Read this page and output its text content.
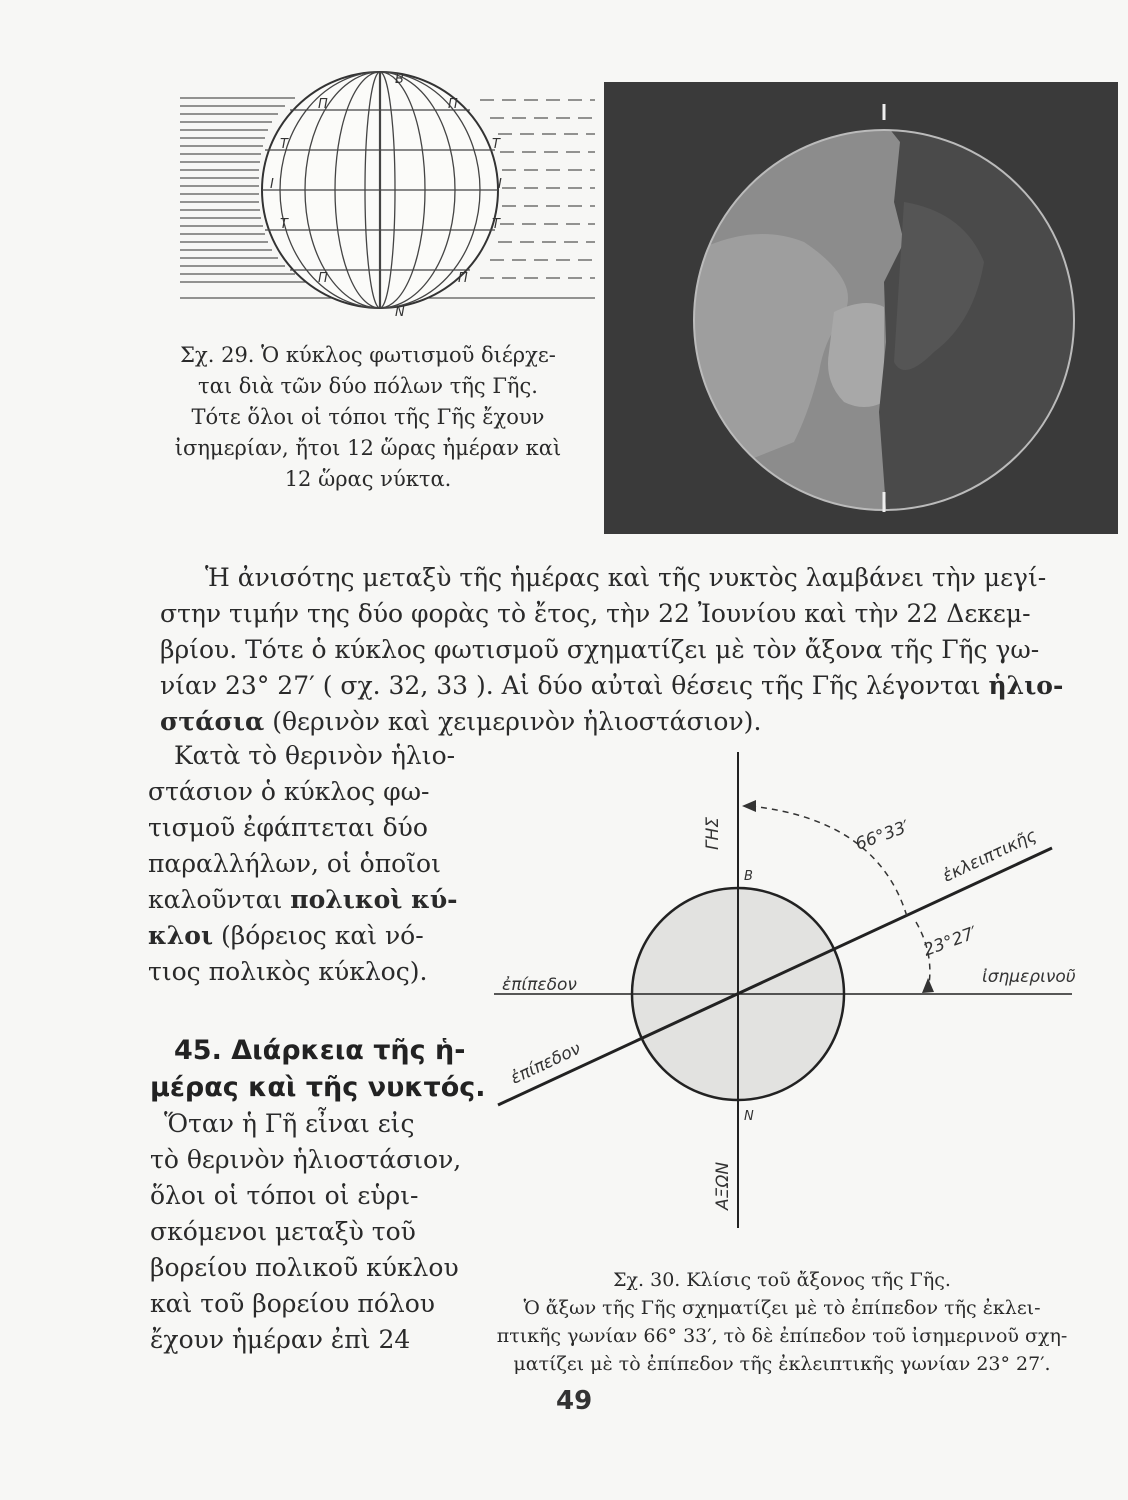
B
N
П	П
T	T
I	I
T	T
П	П
Σχ. 29. Ὁ κύκλος φωτισμοῦ διέρχε-
ται διὰ τῶν δύο πόλων τῆς Γῆς.
Τότε ὅλοι οἱ τόποι τῆς Γῆς ἔχουν
ἰσημερίαν, ἤτοι 12 ὥρας ἡμέραν καὶ
12 ὥρας νύκτα.
Ἡ ἀνισότης μεταξὺ τῆς ἡμέρας καὶ τῆς νυκτὸς λαμβάνει τὴν μεγί-
στην τιμήν της δύο φορὰς τὸ ἔτος, τὴν 22 Ἰουνίου καὶ τὴν 22 Δεκεμ-
βρίου. Τότε ὁ κύκλος φωτισμοῦ σχηματίζει μὲ τὸν ἄξονα τῆς Γῆς γω-
νίαν 23° 27′ ( σχ. 32, 33 ). Αἱ δύο αὐταὶ θέσεις τῆς Γῆς λέγονται ἡλιο-
στάσια (θερινὸν καὶ χειμερινὸν ἡλιοστάσιον).
Κατὰ τὸ θερινὸν ἡλιο-
στάσιον ὁ κύκλος φω-
τισμοῦ ἐφάπτεται δύο
παραλλήλων, οἱ ὁποῖοι
καλοῦνται πολικοὶ κύ-
κλοι (βόρειος καὶ νό-
τιος πολικὸς κύκλος).
45. Διάρκεια τῆς ἡ-
μέρας καὶ τῆς νυκτός.
Ὅταν ἡ Γῆ εἶναι εἰς
τὸ θερινὸν ἡλιοστάσιον,
ὅλοι οἱ τόποι οἱ εὑρι-
σκόμενοι μεταξὺ τοῦ
βορείου πολικοῦ κύκλου
καὶ τοῦ βορείου πόλου
ἔχουν ἡμέραν ἐπὶ 24
ΓΗΣ
ΑΞΩΝ
B
N
66°33′
23°27′
ἐκλειπτικῆς
ἰσημερινοῦ
ἐπίπεδον
ἐπίπεδον
Σχ. 30. Κλίσις τοῦ ἄξονος τῆς Γῆς.
Ὁ ἄξων τῆς Γῆς σχηματίζει μὲ τὸ ἐπίπεδον τῆς ἐκλει-
πτικῆς γωνίαν 66° 33′, τὸ δὲ ἐπίπεδον τοῦ ἰσημερινοῦ σχη-
ματίζει μὲ τὸ ἐπίπεδον τῆς ἐκλειπτικῆς γωνίαν 23° 27′.
49
